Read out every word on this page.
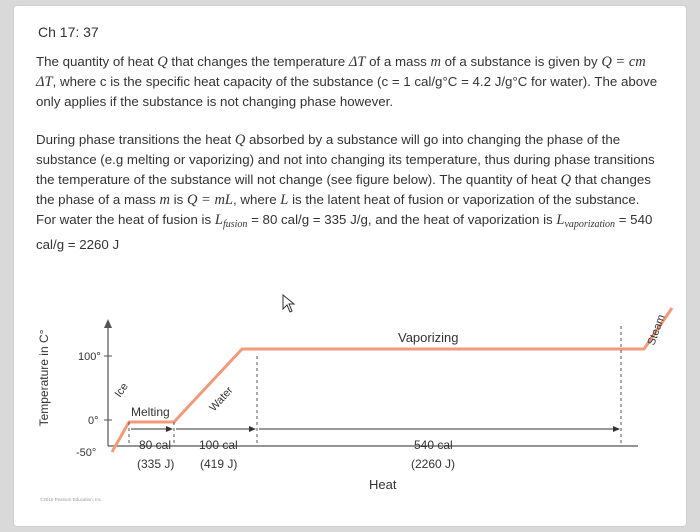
Ch 17: 37
The quantity of heat Q that changes the temperature ΔT of a mass m of a substance is given by Q = cm ΔT, where c is the specific heat capacity of the substance (c = 1 cal/g°C = 4.2 J/g°C for water). The above only applies if the substance is not changing phase however.
During phase transitions the heat Q absorbed by a substance will go into changing the phase of the substance (e.g melting or vaporizing) and not into changing its temperature, thus during phase transitions the temperature of the substance will not change (see figure below). The quantity of heat Q that changes the phase of a mass m is Q = mL, where L is the latent heat of fusion or vaporization of the substance. For water the heat of fusion is $L_{fusion} = 80$ cal/g = 335 J/g, and the heat of vaporization is $L_{vaporization} = 540$ cal/g = 2260 J
Temperature in C° 100°
0°
-50°
Ice
Melting	Water
Vaporizing	Steam
80 cal
(335 J)
100 cal
(419 J)
540 cal
(2260 J)
Heat
©2015 Pearson Education, Inc.
